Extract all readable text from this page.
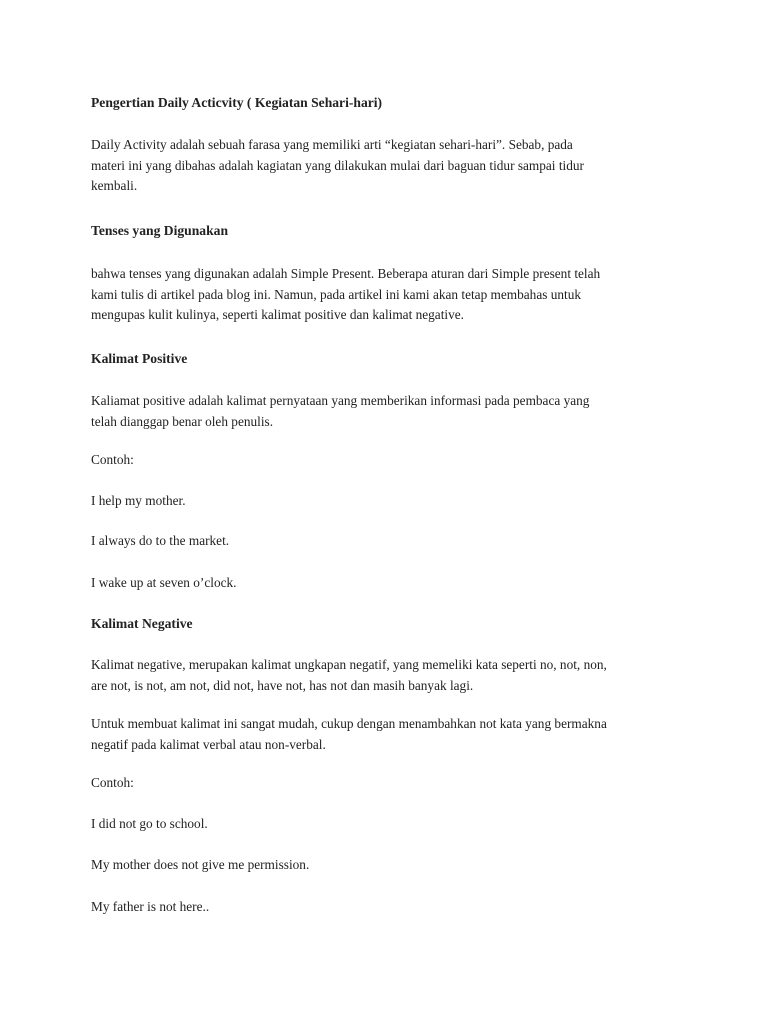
Pengertian Daily Acticvity ( Kegiatan Sehari-hari)

Daily Activity adalah sebuah farasa yang memiliki arti “kegiatan sehari-hari”. Sebab, pada
materi ini yang dibahas adalah kagiatan yang dilakukan mulai dari baguan tidur sampai tidur
kembali.

Tenses yang Digunakan

bahwa tenses yang digunakan adalah Simple Present. Beberapa aturan dari Simple present telah
kami tulis di artikel pada blog ini. Namun, pada artikel ini kami akan tetap membahas untuk
mengupas kulit kulinya, seperti kalimat positive dan kalimat negative.

Kalimat Positive

Kaliamat positive adalah kalimat pernyataan yang memberikan informasi pada pembaca yang
telah dianggap benar oleh penulis.

Contoh:

I help my mother.

I always do to the market.

I wake up at seven o’clock.

Kalimat Negative

Kalimat negative, merupakan kalimat ungkapan negatif, yang memeliki kata seperti no, not, non,
are not, is not, am not, did not, have not, has not dan masih banyak lagi.

Untuk membuat kalimat ini sangat mudah, cukup dengan menambahkan not kata yang bermakna
negatif pada kalimat verbal atau non-verbal.

Contoh:

I did not go to school.

My mother does not give me permission.

My father is not here..
